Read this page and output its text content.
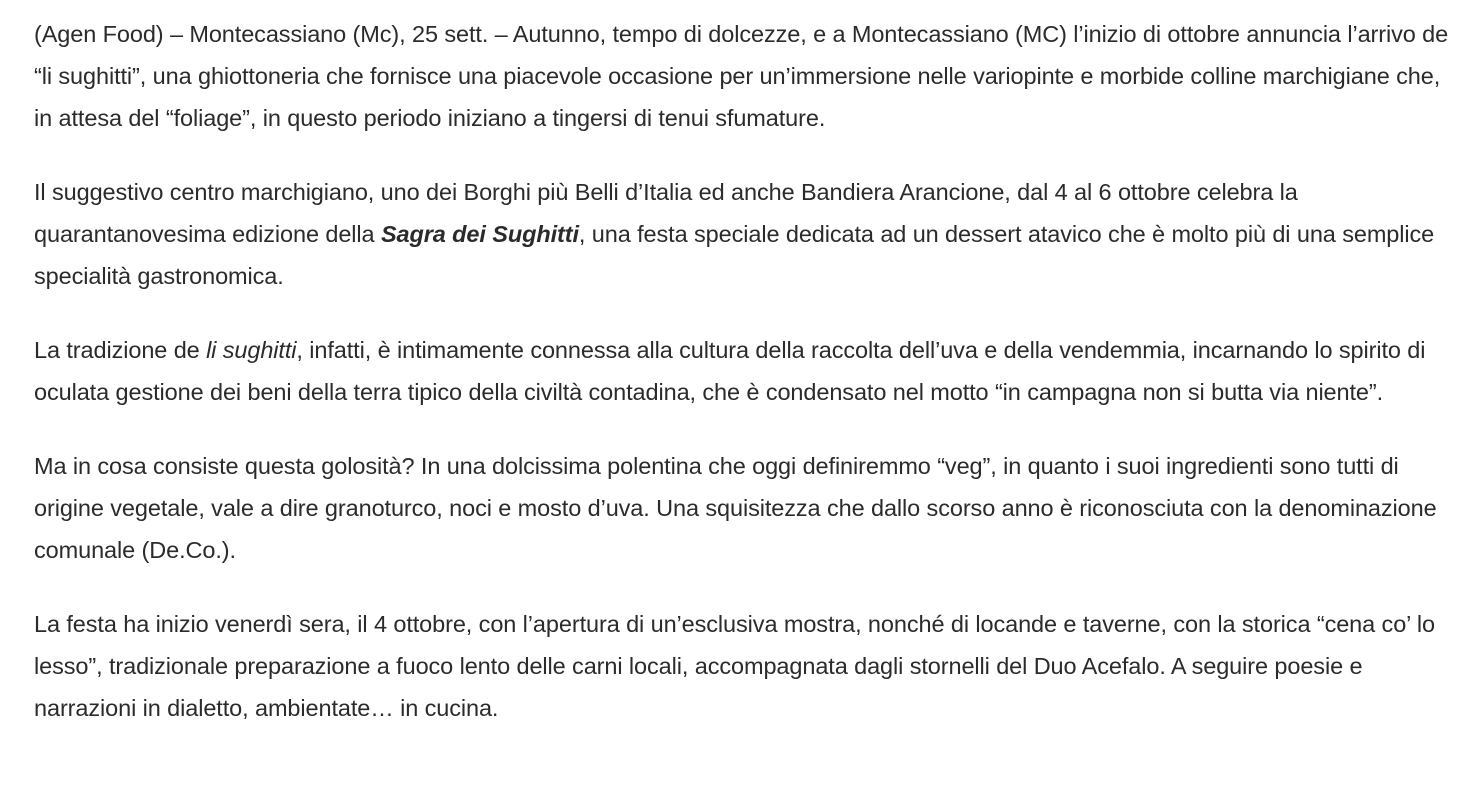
(Agen Food) – Montecassiano (Mc), 25 sett. – Autunno, tempo di dolcezze, e a Montecassiano (MC) l’inizio di ottobre annuncia l’arrivo de “li sughitti”, una ghiottoneria che fornisce una piacevole occasione per un’immersione nelle variopinte e morbide colline marchigiane che, in attesa del “foliage”, in questo periodo iniziano a tingersi di tenui sfumature.

Il suggestivo centro marchigiano, uno dei Borghi più Belli d’Italia ed anche Bandiera Arancione, dal 4 al 6 ottobre celebra la quarantanovesima edizione della Sagra dei Sughitti, una festa speciale dedicata ad un dessert atavico che è molto più di una semplice specialità gastronomica.

La tradizione de li sughitti, infatti, è intimamente connessa alla cultura della raccolta dell’uva e della vendemmia, incarnando lo spirito di oculata gestione dei beni della terra tipico della civiltà contadina, che è condensato nel motto “in campagna non si butta via niente”.

Ma in cosa consiste questa golosità? In una dolcissima polentina che oggi definiremmo “veg”, in quanto i suoi ingredienti sono tutti di origine vegetale, vale a dire granoturco, noci e mosto d’uva. Una squisitezza che dallo scorso anno è riconosciuta con la denominazione comunale (De.Co.).

La festa ha inizio venerdì sera, il 4 ottobre, con l’apertura di un’esclusiva mostra, nonché di locande e taverne, con la storica “cena co’ lo lesso”, tradizionale preparazione a fuoco lento delle carni locali, accompagnata dagli stornelli del Duo Acefalo. A seguire poesie e narrazioni in dialetto, ambientate… in cucina.
